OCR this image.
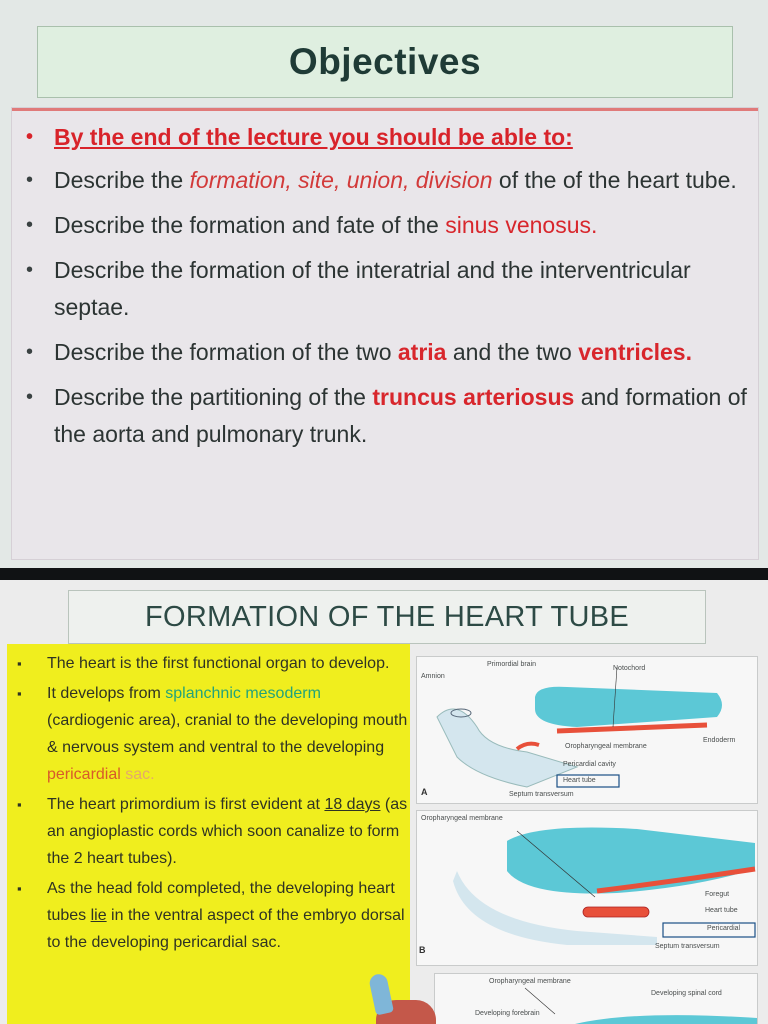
Objectives
• By the end of the lecture you should be able to:
• Describe the formation, site, union, division of the of the heart tube.
• Describe the formation and fate of the sinus venosus.
• Describe the formation of the interatrial and the interventricular septae.
• Describe the formation of the two atria and the two ventricles.
• Describe the partitioning of the truncus arteriosus and formation of the aorta and pulmonary trunk.
FORMATION OF THE HEART TUBE
▪ The heart is the first functional organ to develop.
▪ It develops from splanchnic mesoderm (cardiogenic area), cranial to the developing mouth & nervous system and ventral to the developing pericardial sac.
▪ The heart primordium is first evident at 18 days (as an angioplastic cords which soon canalize to form the 2 heart tubes).
▪ As the head fold completed, the developing heart tubes lie in the ventral aspect of the embryo dorsal to the developing pericardial sac.
Amnion
Primordial brain
Notochord
Endoderm
Oropharyngeal membrane
Pericardial cavity
Heart tube
Septum transversum
A
Oropharyngeal membrane
Foregut
Heart tube
Pericardial
Septum transversum
B
Oropharyngeal membrane
Developing spinal cord
Developing forebrain
